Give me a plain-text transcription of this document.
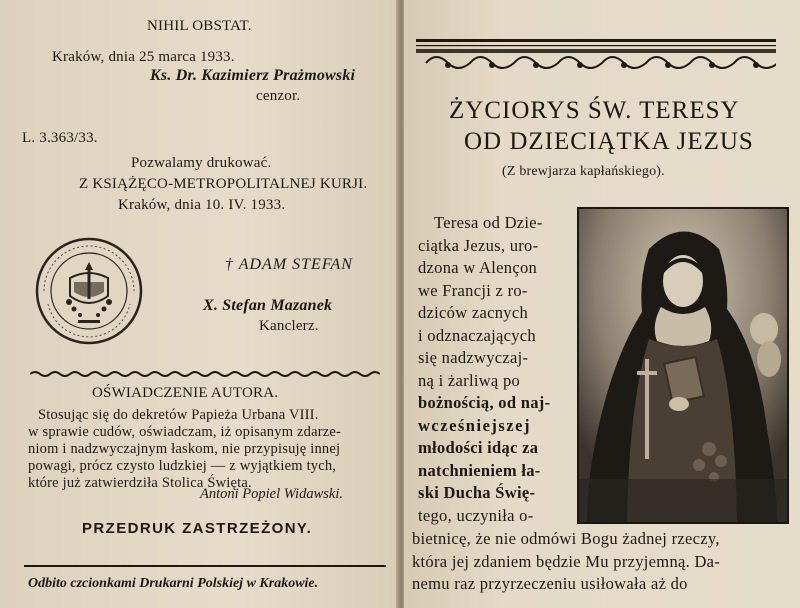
NIHIL OBSTAT.
Kraków, dnia 25 marca 1933.
Ks. Dr. Kazimierz Prażmowski
cenzor.
L. 3.363/33.
Pozwalamy drukować.
Z KSIĄŻĘCO-METROPOLITALNEJ KURJI.
Kraków, dnia 10. IV. 1933.
† ADAM STEFAN
X. Stefan Mazanek
Kanclerz.
OŚWIADCZENIE AUTORA.
Stosując się do dekretów Papieża Urbana VIII.
w sprawie cudów, oświadczam, iż opisanym zdarze-
niom i nadzwyczajnym łaskom, nie przypisuję innej
powagi, prócz czysto ludzkiej — z wyjątkiem tych,
które już zatwierdziła Stolica Święta.
Antoni Popiel Widawski.
PRZEDRUK ZASTRZEŻONY.
Odbito czcionkami Drukarni Polskiej w Krakowie.
ŻYCIORYS ŚW. TERESY
OD DZIECIĄTKA JEZUS
(Z brewjarza kapłańskiego).
Teresa od Dzie-
ciątka Jezus, uro-
dzona w Alençon
we Francji z ro-
dziców zacnych
i odznaczających
się nadzwyczaj-
ną i żarliwą po
bożnością, od naj-
wcześniejszej
młodości idąc za
natchnieniem ła-
ski Ducha Świę-
tego, uczyniła o-
bietnicę, że nie odmówi Bogu żadnej rzeczy,
która jej zdaniem będzie Mu przyjemną. Da-
nemu raz przyrzeczeniu usiłowała aż do
